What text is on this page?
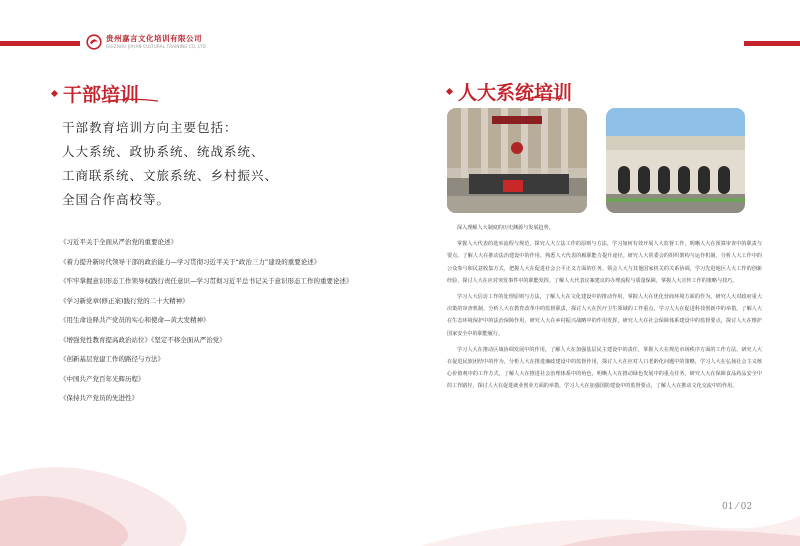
贵州嘉言文化培训有限公司
GUIZHOU JIAYAN CULTURAL TRAINING CO.,LTD
干部培训

干部教育培训方向主要包括：

人大系统、政协系统、统战系统、

工商联系统、文旅系统、乡村振兴、

全国合作高校等。

《习近平关于全面从严治党的重要论述》
《着力提升新时代领导干部的政治能力—学习贯彻习近平关于“政治三力”建设的重要论述》
《牢牢掌握意识形态工作领导权践行责任意识—学习贯彻习近平总书记关于意识形态工作的重要论述》
《学习新党章(修正案)践行党的二十大精神》
《用生命诠释共产党员的实心和使命—黄大发精神》
《增强党性教育提高政治站位》《坚定不移全面从严治党》
《创新基层党建工作的路径与方法》
《中国共产党百年光辉历程》
《保持共产党员的先进性》
人大系统培训

深入理解人大制度的历史渊源与发展趋势。

掌握人大代表的选举流程与规范，探究人大立法工作的原则与方法，学习如何有效开展人大监督工作，明晰人大在预算审查中的职责与要点。了解人大在推动法治建设中的作用，熟悉人大代表的履职能力提升途径。研究人大常委会的组织架构与运作机制，分析人大工作中的公众参与和民意收集方式，把握人大在促进社会公平正义方面的任务。领会人大与其他国家机关的关系协调，学习先进地区人大工作的创新经验，探讨人大在应对突发事件中的职能发挥。了解人大代表议案建议的办理流程与质量保障，掌握人大宣传工作的策略与技巧。

学习人大信访工作的处理原则与方法，了解人大在文化建设中的推动作用，掌握人大在优化营商环境方面的作为。研究人大对政府重大决策的审查机制，分析人大在教育改革中的监督职责，探讨人大在医疗卫生领域的工作重点，学习人大在促进科技创新中的举措。了解人大在生态环境保护中的法治保障作用，研究人大在乡村振兴战略中的作用发挥，研究人大在社会保障体系建设中的监督要点，探讨人大在维护国家安全中的职能履行。

学习人大在推动区域协调发展中的作用，了解人大在加强基层民主建设中的责任，掌握人大在规范市场秩序方面的工作方法。研究人大在促进民族团结中的作为，分析人大在推进廉政建设中的监督作用，探讨人大在应对人口老龄化问题中的策略，学习人大在弘扬社会主义核心价值观中的工作方式，了解人大在推进社会治理体系中的角色，明晰人大在推动绿色发展中的重点任务。研究人大在保障食品药品安全中的工作路径，探讨人大在促进就业创业方面的举措，学习人大在加强国防建设中的监督要点，了解人大在推动文化交流中的作用。

01 ⁄ 02
